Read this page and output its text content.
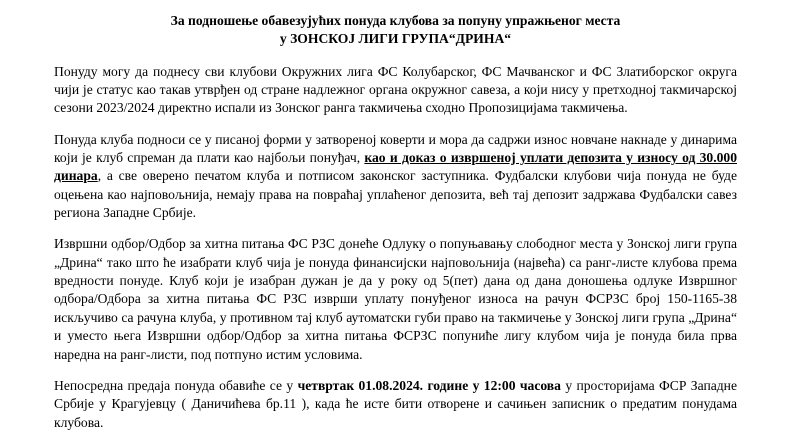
За подношење обавезујућих понуда клубова за попуну упражњеног места
у ЗОНСКОЈ ЛИГИ ГРУПА“ДРИНА“

Понуду могу да поднесу сви клубови Окружних лига ФС Колубарског, ФС Мачванског и ФС Златиборског округа чији је статус као такав утврђен од стране надлежног органа окружног савеза, а који нису у претходној такмичарској сезони 2023/2024 директно испали из Зонског ранга такмичења сходно Пропозицијама такмичења.

Понуда клуба подноси се у писаној форми у затвореној коверти и мора да садржи износ новчане накнаде у динарима који је клуб спреман да плати као најбољи понуђач, као и доказ о извршеној уплати депозита у износу од 30.000 динара, а све оверено печатом клуба и потписом законског заступника. Фудбалски клубови чија понуда не буде оцењена као најповољнија, немају права на повраћај уплаћеног депозита, већ тај депозит задржава Фудбалски савез региона Западне Србије.

Извршни одбор/Одбор за хитна питања ФС РЗС донеће Одлуку о попуњавању слободног места у Зонској лиги група „Дрина“ тако што ће изабрати клуб чија је понуда финансијски најповољнија (највећа) са ранг-листе клубова према вредности понуде. Клуб који је изабран дужан је да у року од 5(пет) дана од дана доношења одлуке Извршног одбора/Одбора за хитна питања ФС РЗС изврши уплату понуђеног износа на рачун ФСРЗС број 150-1165-38 искључиво са рачуна клуба, у противном тај клуб аутоматски губи право на такмичење у Зонској лиги група „Дрина“ и уместо њега Извршни одбор/Одбор за хитна питања ФСРЗС попуниће лигу клубом чија је понуда била прва наредна на ранг-листи, под потпуно истим условима.

Непосредна предаја понуда обавиће се у четвртак 01.08.2024. године у 12:00 часова у просторијама ФСР Западне Србије у Крагујевцу ( Даничићева бр.11 ), када ће исте бити отворене и сачињен записник о предатим понудама клубова.
